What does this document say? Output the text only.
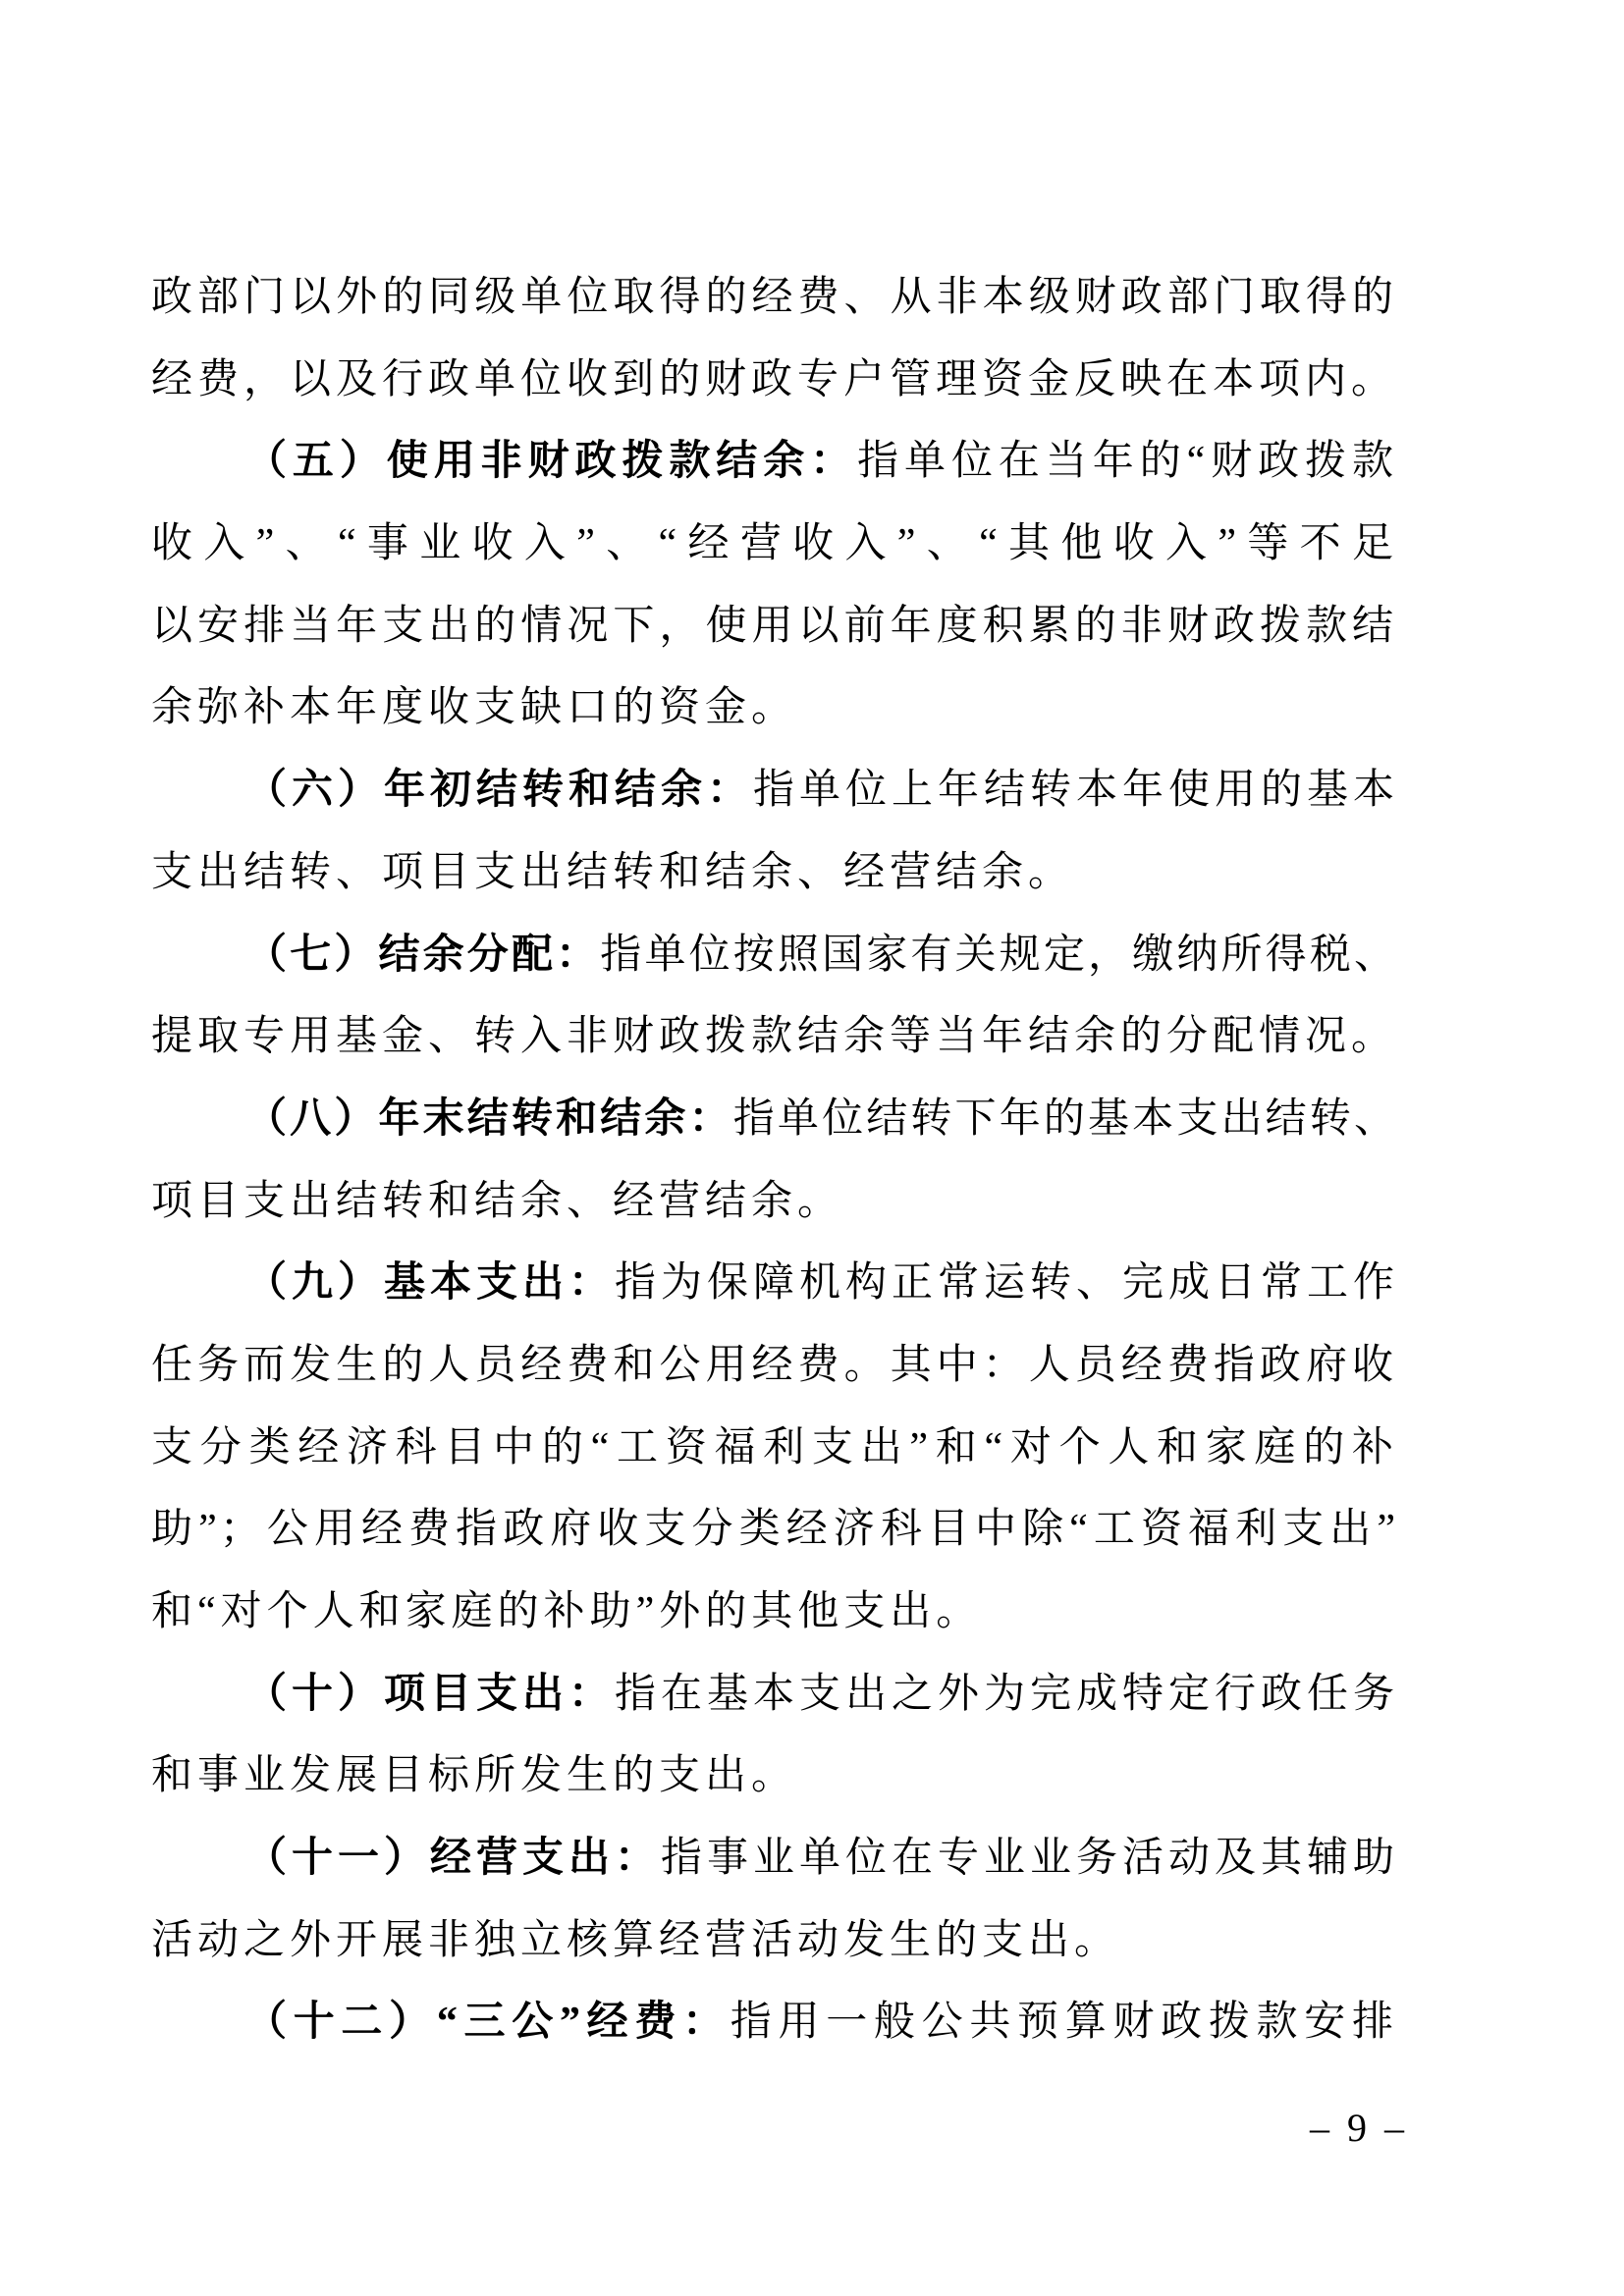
政部门以外的同级单位取得的经费、从非本级财政部门取得的
经费，以及行政单位收到的财政专户管理资金反映在本项内。
（五）使用非财政拨款结余：指单位在当年的“财政拨款
收入”、“事业收入”、“经营收入”、“其他收入”等不足
以安排当年支出的情况下，使用以前年度积累的非财政拨款结
余弥补本年度收支缺口的资金。
（六）年初结转和结余：指单位上年结转本年使用的基本
支出结转、项目支出结转和结余、经营结余。
（七）结余分配：指单位按照国家有关规定，缴纳所得税、
提取专用基金、转入非财政拨款结余等当年结余的分配情况。
（八）年末结转和结余：指单位结转下年的基本支出结转、
项目支出结转和结余、经营结余。
（九）基本支出：指为保障机构正常运转、完成日常工作
任务而发生的人员经费和公用经费。其中：人员经费指政府收
支分类经济科目中的“工资福利支出”和“对个人和家庭的补
助”；公用经费指政府收支分类经济科目中除“工资福利支出”
和“对个人和家庭的补助”外的其他支出。
（十）项目支出：指在基本支出之外为完成特定行政任务
和事业发展目标所发生的支出。
（十一）经营支出：指事业单位在专业业务活动及其辅助
活动之外开展非独立核算经营活动发生的支出。
（十二）“三公”经费：指用一般公共预算财政拨款安排
– 9 –
